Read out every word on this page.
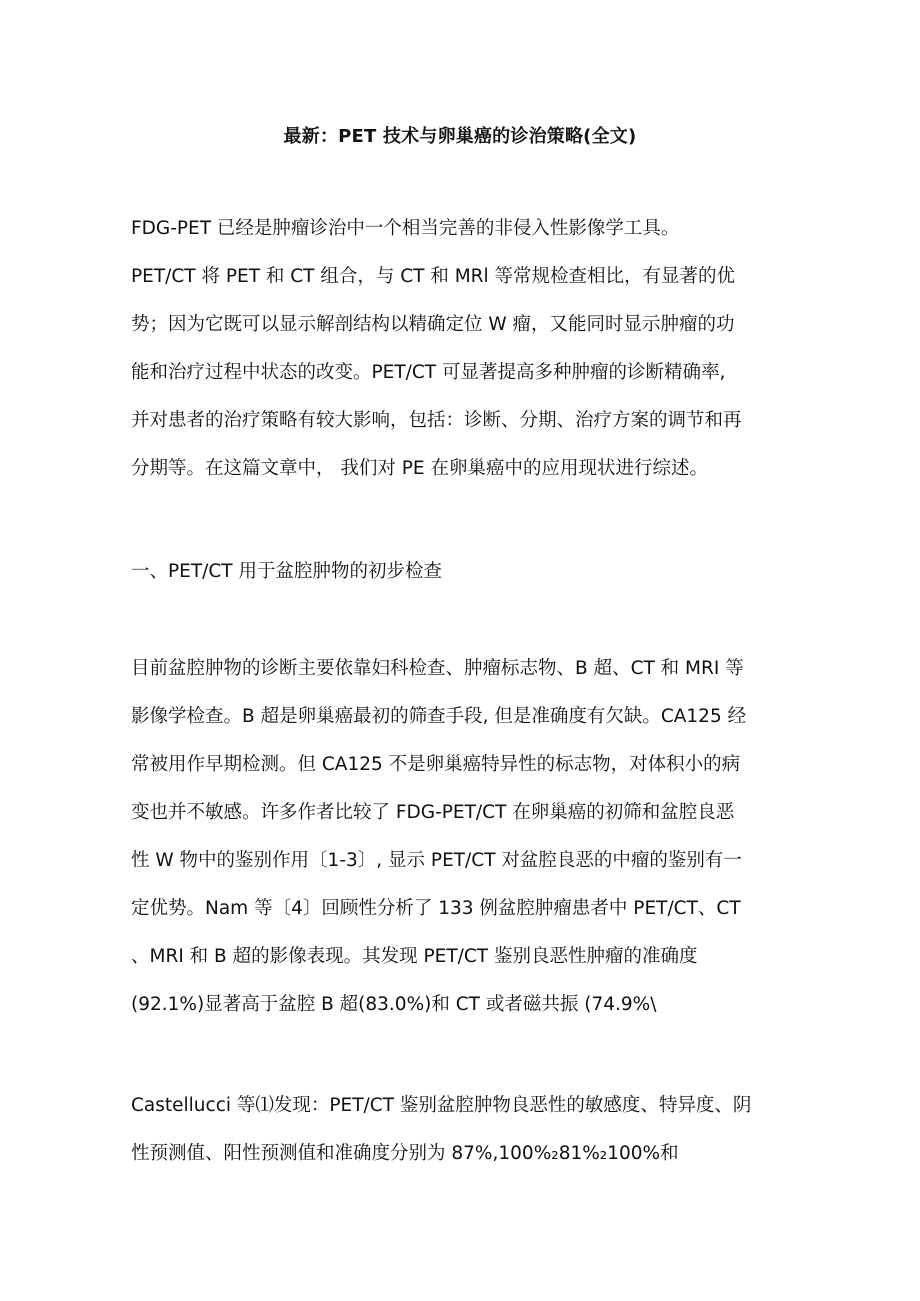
最新：PET 技术与卵巢癌的诊治策略(全文)
FDG-PET 已经是肿瘤诊治中一个相当完善的非侵入性影像学工具。
PET/CT 将 PET 和 CT 组合，与 CT 和 MRl 等常规检查相比，有显著的优
势；因为它既可以显示解剖结构以精确定位 W 瘤，又能同时显示肿瘤的功
能和治疗过程中状态的改变。PET/CT 可显著提高多种肿瘤的诊断精确率,
并对患者的治疗策略有较大影响，包括：诊断、分期、治疗方案的调节和再
分期等。在这篇文章中， 我们对 PE 在卵巢癌中的应用现状进行综述。
一、PET/CT 用于盆腔肿物的初步检查
目前盆腔肿物的诊断主要依靠妇科检查、肿瘤标志物、B 超、CT 和 MRI 等
影像学检查。B 超是卵巢癌最初的筛查手段, 但是准确度有欠缺。CA125 经
常被用作早期检测。但 CA125 不是卵巢癌特异性的标志物，对体积小的病
变也并不敏感。许多作者比较了 FDG-PET/CT 在卵巢癌的初筛和盆腔良恶
性 W 物中的鉴别作用〔1-3〕, 显示 PET/CT 对盆腔良恶的中瘤的鉴别有一
定优势。Nam 等〔4〕回顾性分析了 133 例盆腔肿瘤患者中 PET/CT、CT
、MRI 和 B 超的影像表现。其发现 PET/CT 鉴别良恶性肿瘤的准确度
(92.1%)显著高于盆腔 B 超(83.0%)和 CT 或者磁共振 (74.9%\
Castellucci 等⑴发现：PET/CT 鉴别盆腔肿物良恶性的敏感度、特异度、阴
性预测值、阳性预测值和准确度分别为 87%,100%₂81%₂100%和
